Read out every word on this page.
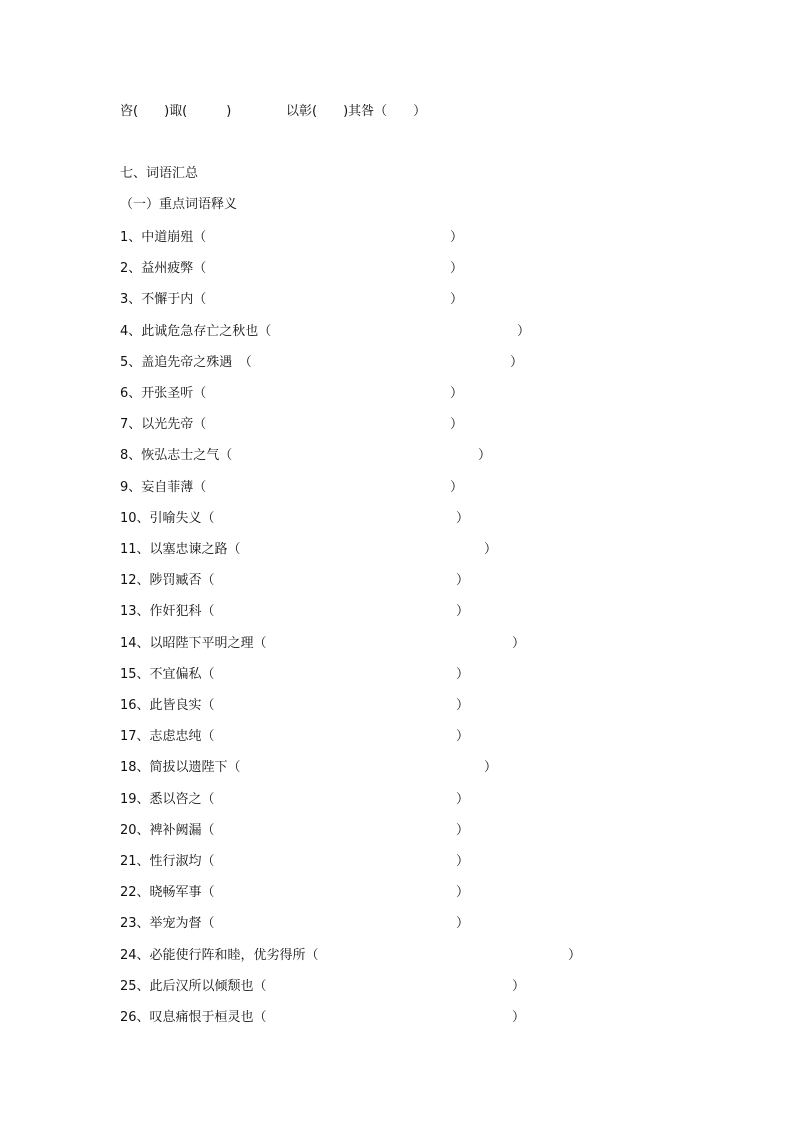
咨(　　)诹(　　　)	以彰(　　)其咎（　　）
七、词语汇总
（一）重点词语释义
1、中道崩殂（	）
2、益州疲弊（	）
3、不懈于内（	）
4、此诚危急存亡之秋也（	）
5、盖追先帝之殊遇　（	）
6、开张圣听（	）
7、以光先帝（	）
8、恢弘志士之气（	）
9、妄自菲薄（	）
10、引喻失义（	）
11、以塞忠谏之路（	）
12、陟罚臧否（	）
13、作奸犯科（	）
14、以昭陛下平明之理（	）
15、不宜偏私（	）
16、此皆良实（	）
17、志虑忠纯（	）
18、简拔以遗陛下（	）
19、悉以咨之（	）
20、裨补阙漏（	）
21、性行淑均（	）
22、晓畅军事（	）
23、举宠为督（	）
24、必能使行阵和睦，优劣得所（	）
25、此后汉所以倾颓也（	）
26、叹息痛恨于桓灵也（	）
